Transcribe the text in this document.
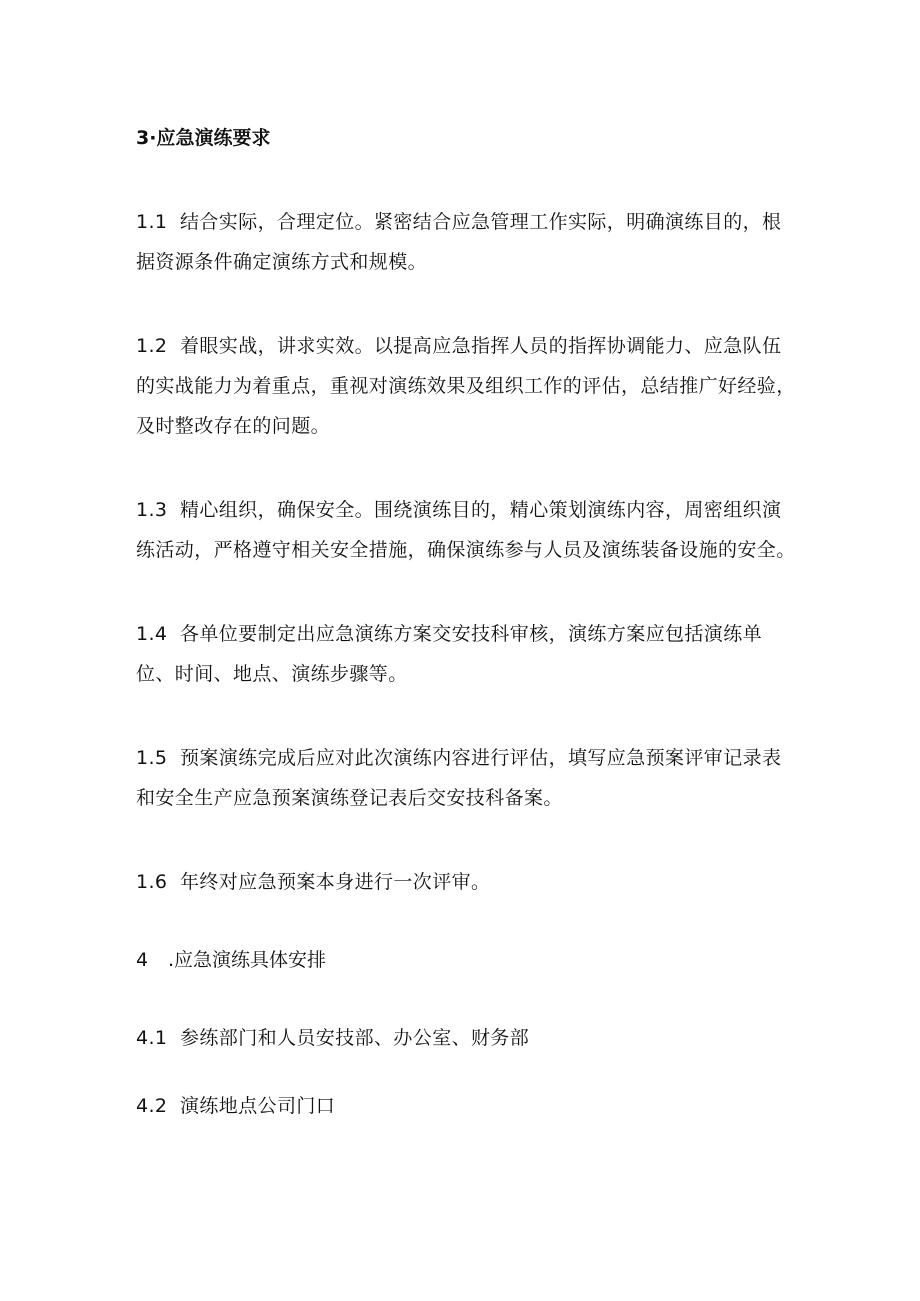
3·应急演练要求

1.1 结合实际，合理定位。紧密结合应急管理工作实际，明确演练目的，根据资源条件确定演练方式和规模。

1.2 着眼实战，讲求实效。以提高应急指挥人员的指挥协调能力、应急队伍的实战能力为着重点，重视对演练效果及组织工作的评估，总结推广好经验，及时整改存在的问题。

1.3 精心组织，确保安全。围绕演练目的，精心策划演练内容，周密组织演练活动，严格遵守相关安全措施，确保演练参与人员及演练装备设施的安全。

1.4 各单位要制定出应急演练方案交安技科审核，演练方案应包括演练单位、时间、地点、演练步骤等。

1.5 预案演练完成后应对此次演练内容进行评估，填写应急预案评审记录表和安全生产应急预案演练登记表后交安技科备案。

1.6 年终对应急预案本身进行一次评审。

4 .应急演练具体安排

4.1 参练部门和人员安技部、办公室、财务部

4.2 演练地点公司门口
